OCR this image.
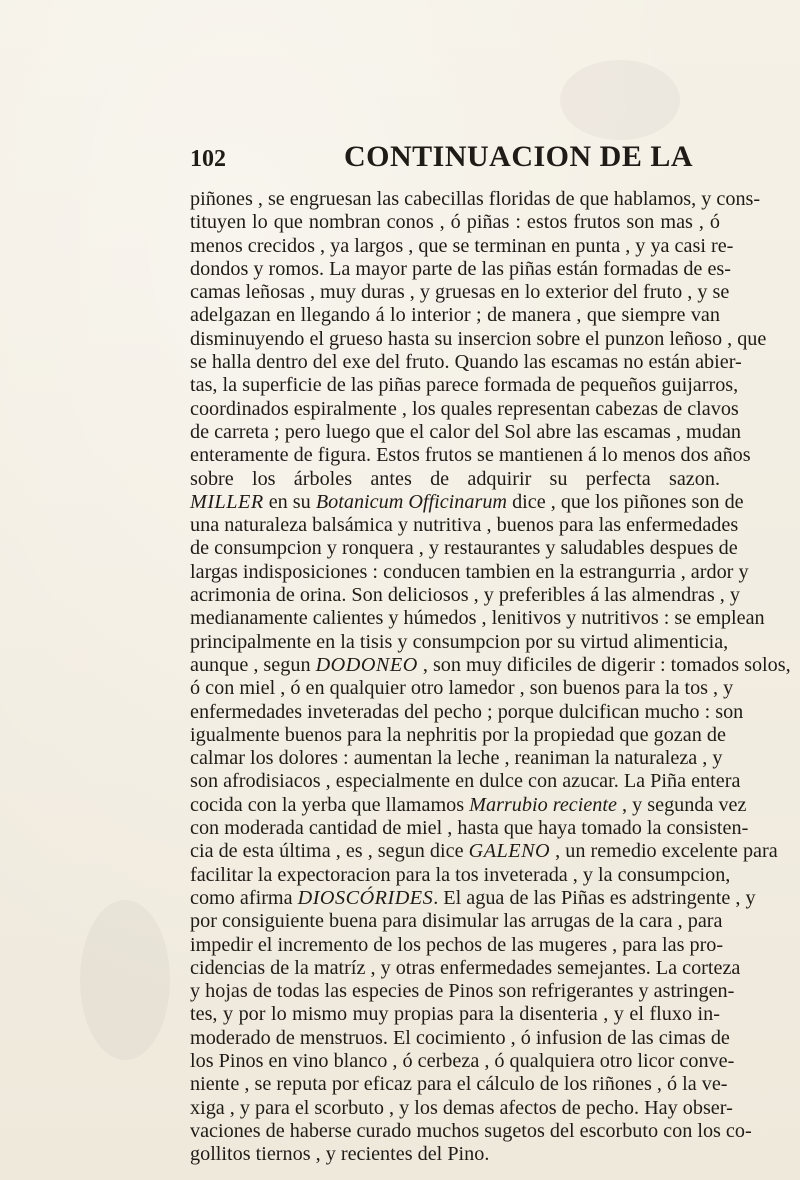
102	CONTINUACION DE LA
piñones , se engruesan las cabecillas floridas de que hablamos, y cons-
tituyen lo que nombran conos , ó piñas : estos frutos son mas , ó
menos crecidos , ya largos , que se terminan en punta , y ya casi re-
dondos y romos. La mayor parte de las piñas están formadas de es-
camas leñosas , muy duras , y gruesas en lo exterior del fruto , y se
adelgazan en llegando á lo interior ; de manera , que siempre van
disminuyendo el grueso hasta su insercion sobre el punzon leñoso , que
se halla dentro del exe del fruto. Quando las escamas no están abier-
tas, la superficie de las piñas parece formada de pequeños guijarros,
coordinados espiralmente , los quales representan cabezas de clavos
de carreta ; pero luego que el calor del Sol abre las escamas , mudan
enteramente de figura. Estos frutos se mantienen á lo menos dos años
sobre los árboles antes de adquirir su perfecta sazon.
MILLER en su Botanicum Officinarum dice , que los piñones son de
una naturaleza balsámica y nutritiva , buenos para las enfermedades
de consumpcion y ronquera , y restaurantes y saludables despues de
largas indisposiciones : conducen tambien en la estrangurria , ardor y
acrimonia de orina. Son deliciosos , y preferibles á las almendras , y
medianamente calientes y húmedos , lenitivos y nutritivos : se emplean
principalmente en la tisis y consumpcion por su virtud alimenticia,
aunque , segun DODONEO , son muy dificiles de digerir : tomados solos,
ó con miel , ó en qualquier otro lamedor , son buenos para la tos , y
enfermedades inveteradas del pecho ; porque dulcifican mucho : son
igualmente buenos para la nephritis por la propiedad que gozan de
calmar los dolores : aumentan la leche , reaniman la naturaleza , y
son afrodisiacos , especialmente en dulce con azucar. La Piña entera
cocida con la yerba que llamamos Marrubio reciente , y segunda vez
con moderada cantidad de miel , hasta que haya tomado la consisten-
cia de esta última , es , segun dice GALENO , un remedio excelente para
facilitar la expectoracion para la tos inveterada , y la consumpcion,
como afirma DIOSCÓRIDES. El agua de las Piñas es adstringente , y
por consiguiente buena para disimular las arrugas de la cara , para
impedir el incremento de los pechos de las mugeres , para las pro-
cidencias de la matríz , y otras enfermedades semejantes. La corteza
y hojas de todas las especies de Pinos son refrigerantes y astringen-
tes, y por lo mismo muy propias para la disenteria , y el fluxo in-
moderado de menstruos. El cocimiento , ó infusion de las cimas de
los Pinos en vino blanco , ó cerbeza , ó qualquiera otro licor conve-
niente , se reputa por eficaz para el cálculo de los riñones , ó la ve-
xiga , y para el scorbuto , y los demas afectos de pecho. Hay obser-
vaciones de haberse curado muchos sugetos del escorbuto con los co-
gollitos tiernos , y recientes del Pino.
